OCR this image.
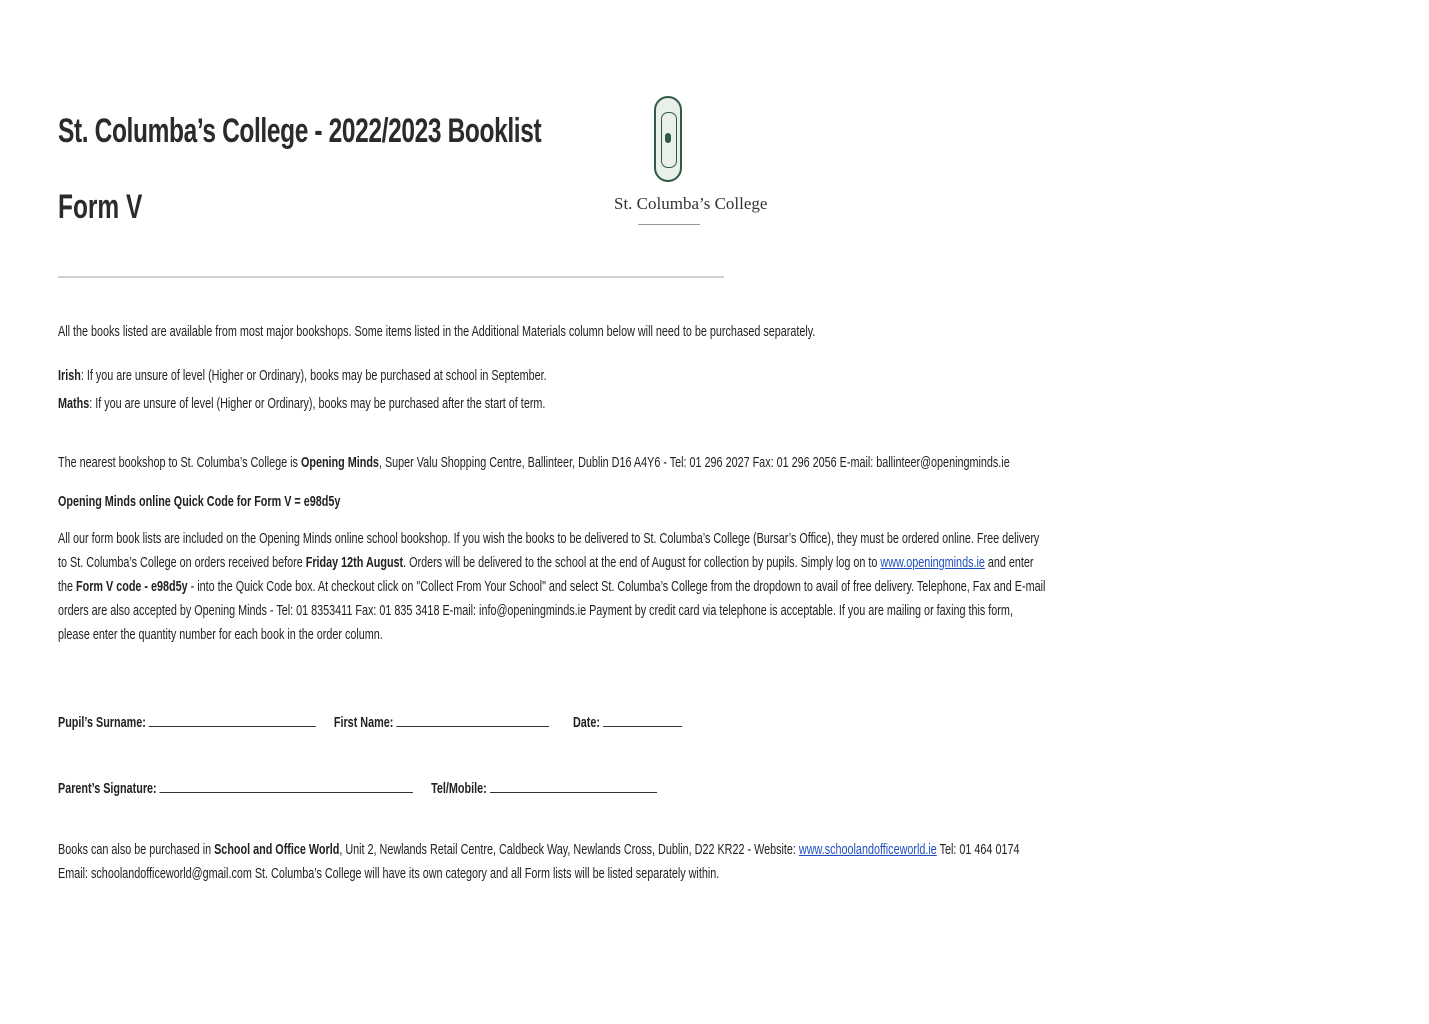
St. Columba’s College - 2022/2023 Booklist
Form V	St. Columba’s College
All the books listed are available from most major bookshops. Some items listed in the Additional Materials column below will need to be purchased separately.
Irish: If you are unsure of level (Higher or Ordinary), books may be purchased at school in September.
Maths: If you are unsure of level (Higher or Ordinary), books may be purchased after the start of term.
The nearest bookshop to St. Columba’s College is Opening Minds, Super Valu Shopping Centre, Ballinteer, Dublin D16 A4Y6 - Tel: 01 296 2027 Fax: 01 296 2056 E-mail: ballinteer@openingminds.ie
Opening Minds online Quick Code for Form V = e98d5y
All our form book lists are included on the Opening Minds online school bookshop. If you wish the books to be delivered to St. Columba’s College (Bursar’s Office), they must be ordered online. Free delivery
to St. Columba’s College on orders received before Friday 12th August. Orders will be delivered to the school at the end of August for collection by pupils. Simply log on to www.openingminds.ie and enter
the Form V code - e98d5y - into the Quick Code box. At checkout click on "Collect From Your School" and select St. Columba’s College from the dropdown to avail of free delivery. Telephone, Fax and E-mail
orders are also accepted by Opening Minds - Tel: 01 8353411 Fax: 01 835 3418 E-mail: info@openingminds.ie Payment by credit card via telephone is acceptable. If you are mailing or faxing this form,
please enter the quantity number for each book in the order column.
Pupil’s Surname:	First Name:	Date:
Parent’s Signature:	Tel/Mobile:
Books can also be purchased in School and Office World, Unit 2, Newlands Retail Centre, Caldbeck Way, Newlands Cross, Dublin, D22 KR22 - Website: www.schoolandofficeworld.ie Tel: 01 464 0174
Email: schoolandofficeworld@gmail.com St. Columba’s College will have its own category and all Form lists will be listed separately within.
